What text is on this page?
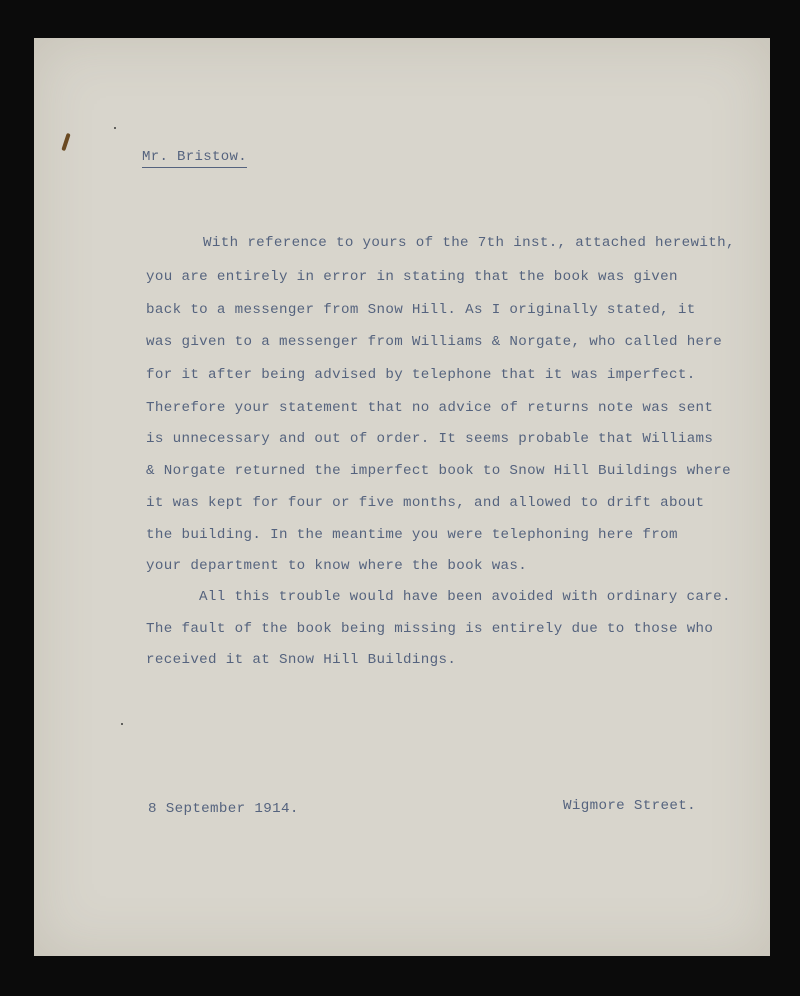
Mr. Bristow.
With reference to yours of the 7th inst., attached herewith,
you are entirely in error in stating that the book was given
back to a messenger from Snow Hill. As I originally stated, it
was given to a messenger from Williams & Norgate, who called here
for it after being advised by telephone that it was imperfect.
Therefore your statement that no advice of returns note was sent
is unnecessary and out of order. It seems probable that Williams
& Norgate returned the imperfect book to Snow Hill Buildings where
it was kept for four or five months, and allowed to drift about
the building. In the meantime you were telephoning here from
your department to know where the book was.
All this trouble would have been avoided with ordinary care.
The fault of the book being missing is entirely due to those who
received it at Snow Hill Buildings.
8 September 1914.	Wigmore Street.
